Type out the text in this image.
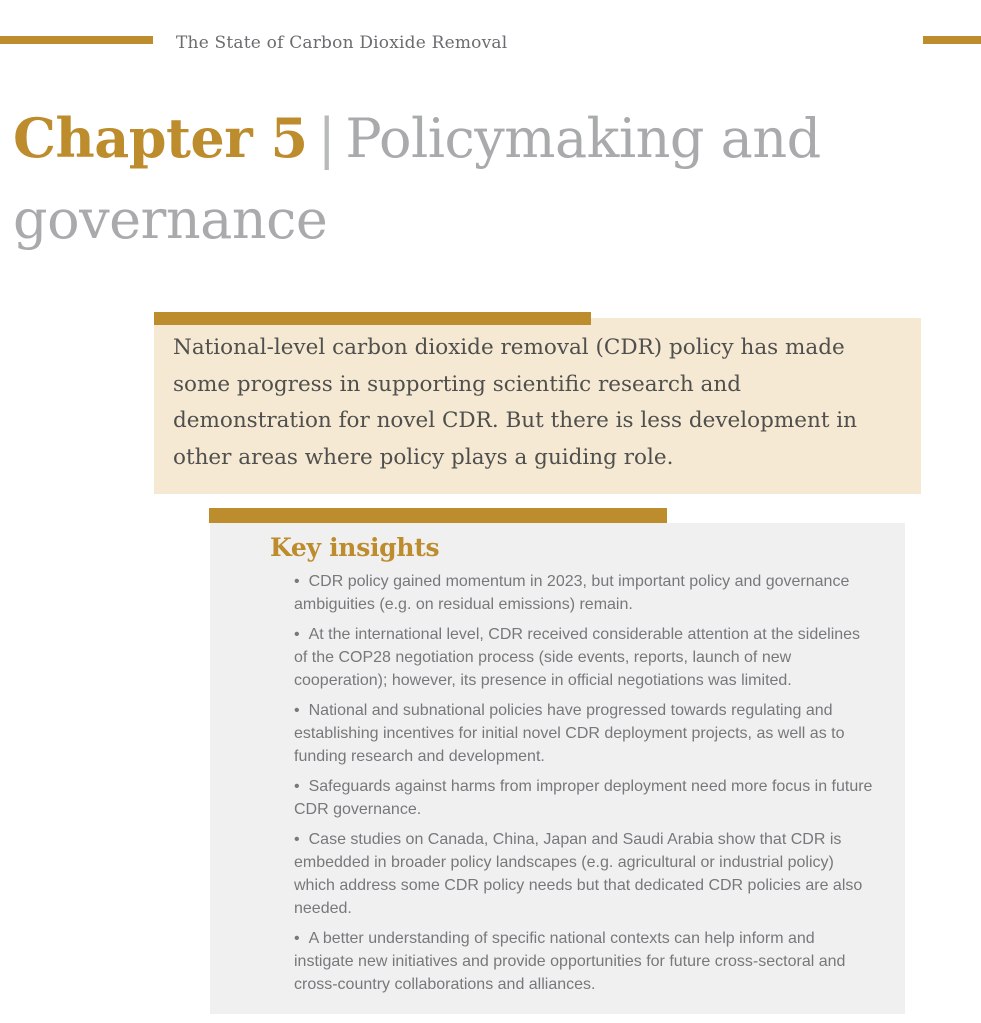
The State of Carbon Dioxide Removal
Chapter 5 | Policymaking and
governance

National-level carbon dioxide removal (CDR) policy has made some progress in supporting scientific research and demonstration for novel CDR. But there is less development in other areas where policy plays a guiding role.

Key insights

• CDR policy gained momentum in 2023, but important policy and governance ambiguities (e.g. on residual emissions) remain.

• At the international level, CDR received considerable attention at the sidelines of the COP28 negotiation process (side events, reports, launch of new cooperation); however, its presence in official negotiations was limited.

• National and subnational policies have progressed towards regulating and establishing incentives for initial novel CDR deployment projects, as well as to funding research and development.

• Safeguards against harms from improper deployment need more focus in future CDR governance.

• Case studies on Canada, China, Japan and Saudi Arabia show that CDR is embedded in broader policy landscapes (e.g. agricultural or industrial policy) which address some CDR policy needs but that dedicated CDR policies are also needed.

• A better understanding of specific national contexts can help inform and instigate new initiatives and provide opportunities for future cross-sectoral and cross-country collaborations and alliances.
